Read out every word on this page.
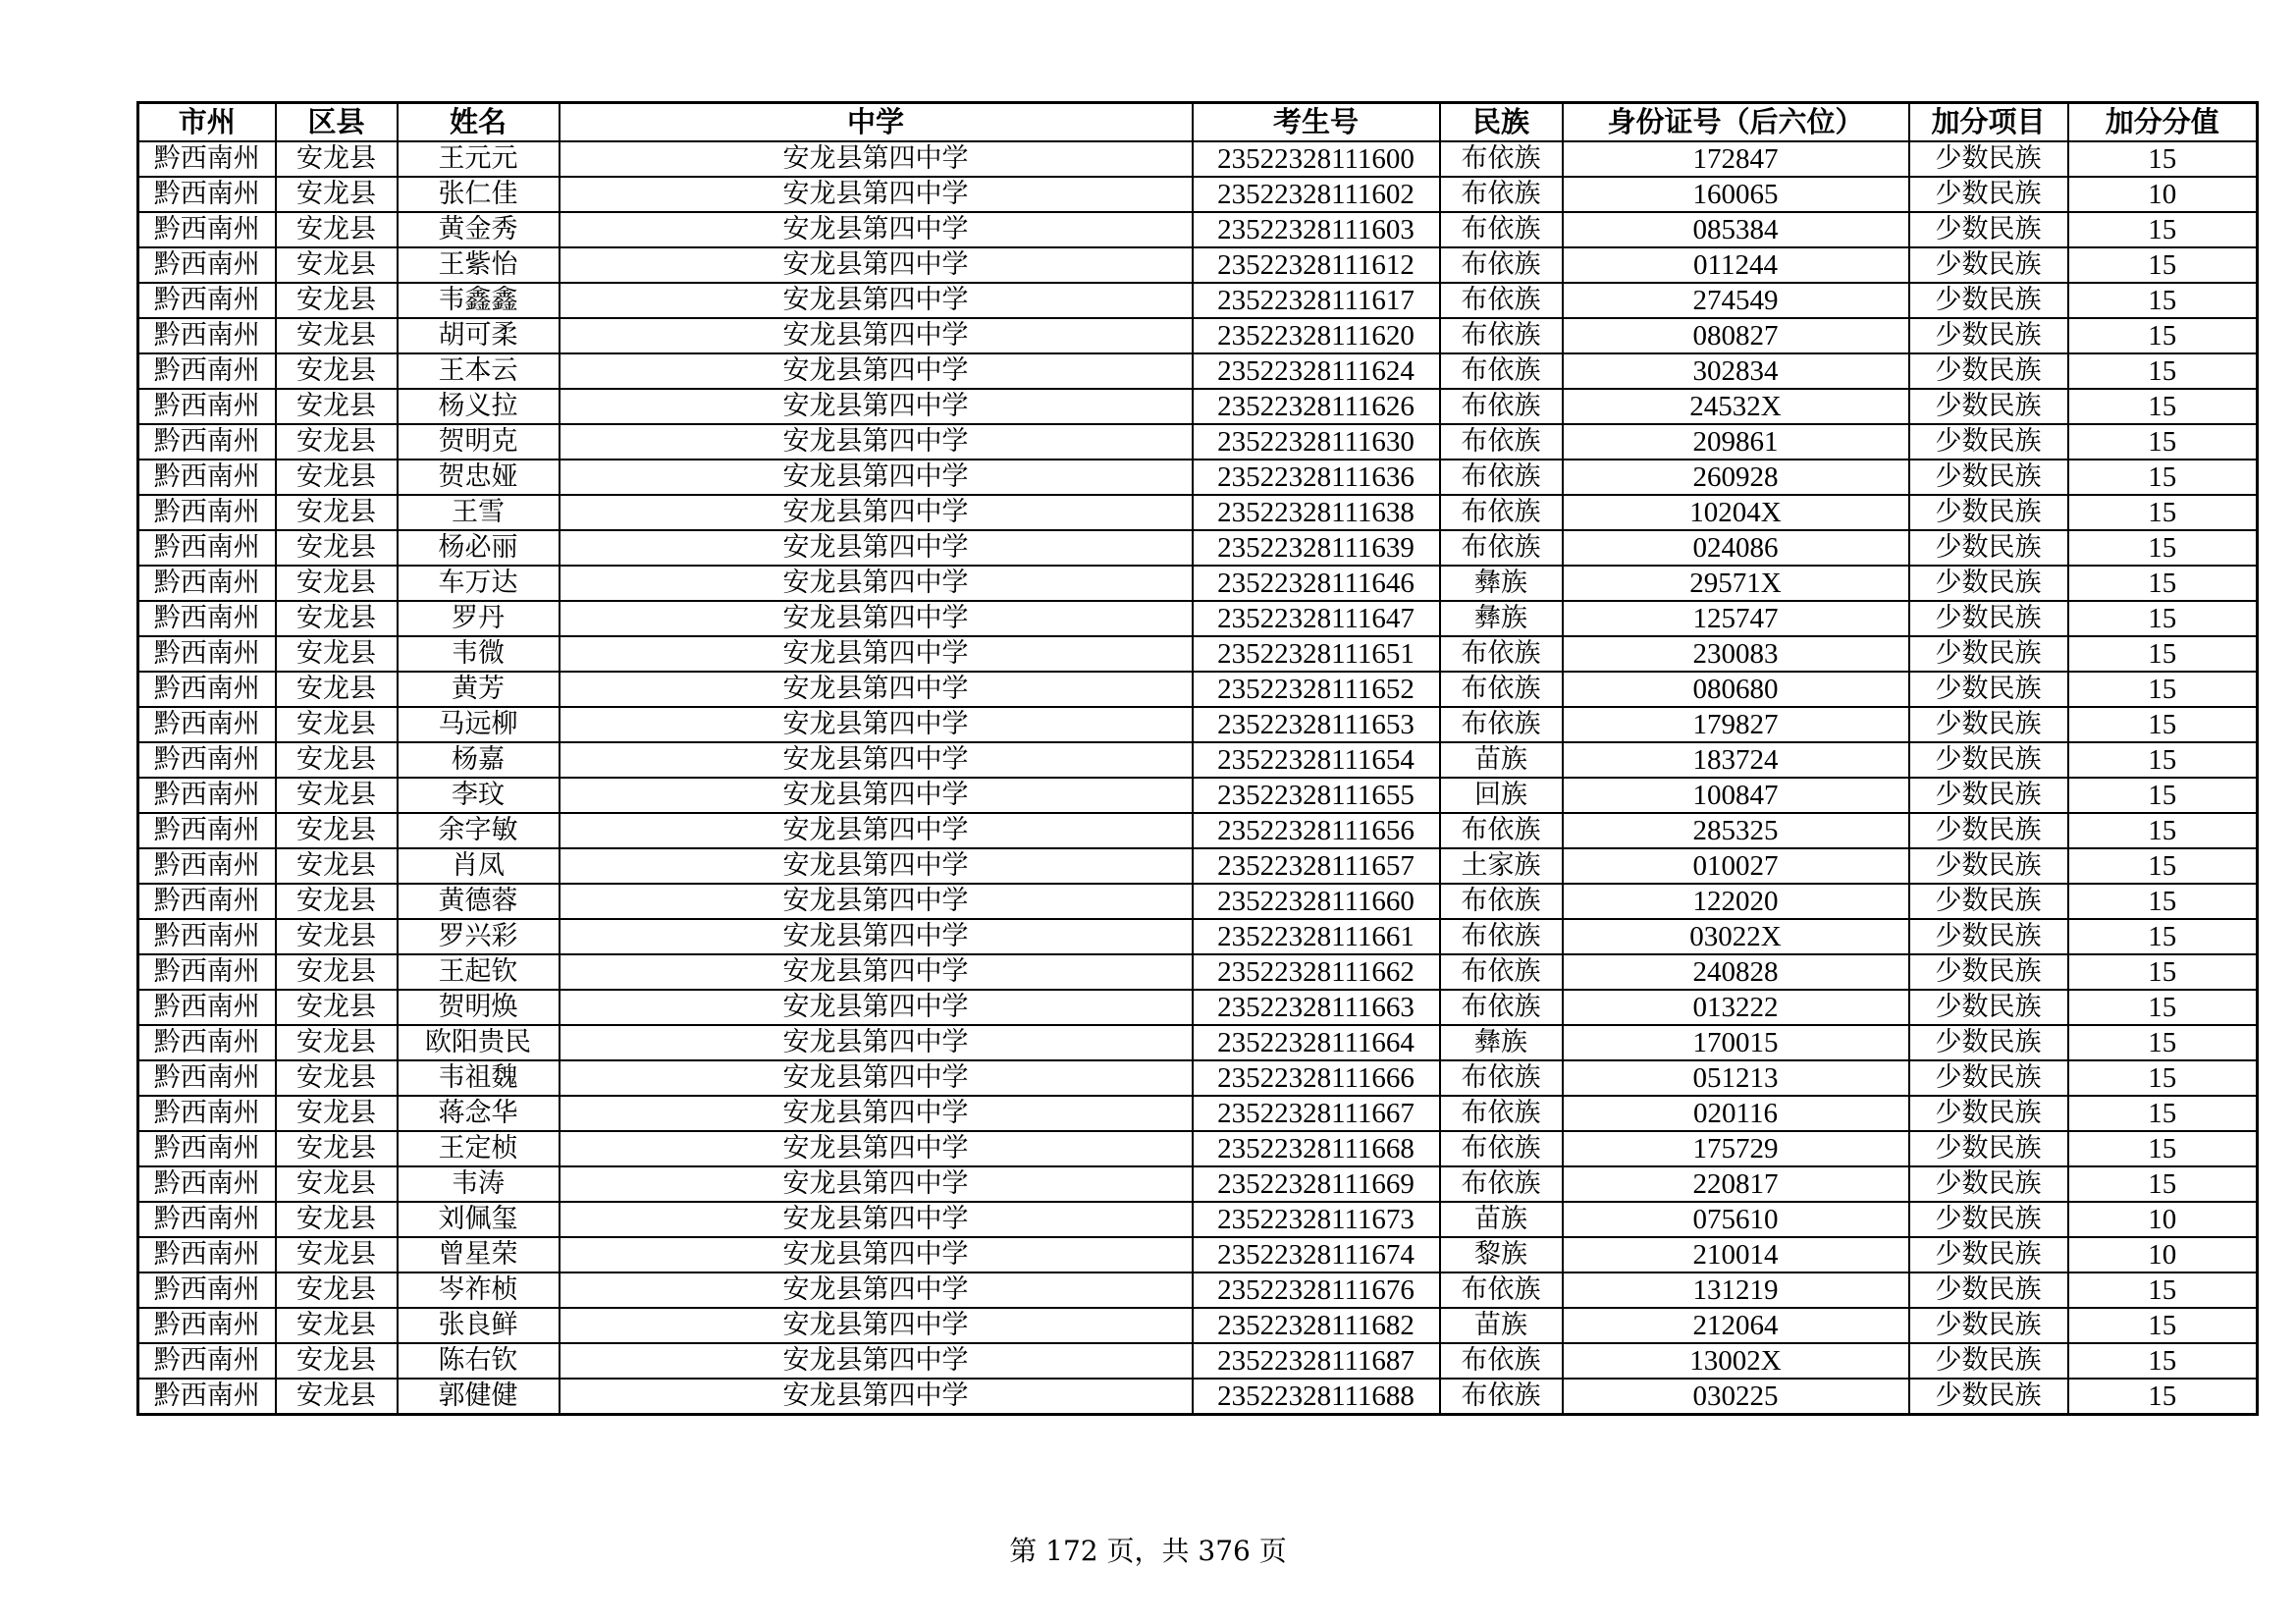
市州	区县	姓名	中学	考生号	民族	身份证号（后六位）	加分项目	加分分值
黔西南州	安龙县	王元元	安龙县第四中学	23522328111600	布依族	172847	少数民族	15
黔西南州	安龙县	张仁佳	安龙县第四中学	23522328111602	布依族	160065	少数民族	10
黔西南州	安龙县	黄金秀	安龙县第四中学	23522328111603	布依族	085384	少数民族	15
黔西南州	安龙县	王紫怡	安龙县第四中学	23522328111612	布依族	011244	少数民族	15
黔西南州	安龙县	韦鑫鑫	安龙县第四中学	23522328111617	布依族	274549	少数民族	15
黔西南州	安龙县	胡可柔	安龙县第四中学	23522328111620	布依族	080827	少数民族	15
黔西南州	安龙县	王本云	安龙县第四中学	23522328111624	布依族	302834	少数民族	15
黔西南州	安龙县	杨义拉	安龙县第四中学	23522328111626	布依族	24532X	少数民族	15
黔西南州	安龙县	贺明克	安龙县第四中学	23522328111630	布依族	209861	少数民族	15
黔西南州	安龙县	贺忠娅	安龙县第四中学	23522328111636	布依族	260928	少数民族	15
黔西南州	安龙县	王雪	安龙县第四中学	23522328111638	布依族	10204X	少数民族	15
黔西南州	安龙县	杨必丽	安龙县第四中学	23522328111639	布依族	024086	少数民族	15
黔西南州	安龙县	车万达	安龙县第四中学	23522328111646	彝族	29571X	少数民族	15
黔西南州	安龙县	罗丹	安龙县第四中学	23522328111647	彝族	125747	少数民族	15
黔西南州	安龙县	韦微	安龙县第四中学	23522328111651	布依族	230083	少数民族	15
黔西南州	安龙县	黄芳	安龙县第四中学	23522328111652	布依族	080680	少数民族	15
黔西南州	安龙县	马远柳	安龙县第四中学	23522328111653	布依族	179827	少数民族	15
黔西南州	安龙县	杨嘉	安龙县第四中学	23522328111654	苗族	183724	少数民族	15
黔西南州	安龙县	李玟	安龙县第四中学	23522328111655	回族	100847	少数民族	15
黔西南州	安龙县	余字敏	安龙县第四中学	23522328111656	布依族	285325	少数民族	15
黔西南州	安龙县	肖凤	安龙县第四中学	23522328111657	土家族	010027	少数民族	15
黔西南州	安龙县	黄德蓉	安龙县第四中学	23522328111660	布依族	122020	少数民族	15
黔西南州	安龙县	罗兴彩	安龙县第四中学	23522328111661	布依族	03022X	少数民族	15
黔西南州	安龙县	王起钦	安龙县第四中学	23522328111662	布依族	240828	少数民族	15
黔西南州	安龙县	贺明焕	安龙县第四中学	23522328111663	布依族	013222	少数民族	15
黔西南州	安龙县	欧阳贵民	安龙县第四中学	23522328111664	彝族	170015	少数民族	15
黔西南州	安龙县	韦祖魏	安龙县第四中学	23522328111666	布依族	051213	少数民族	15
黔西南州	安龙县	蒋念华	安龙县第四中学	23522328111667	布依族	020116	少数民族	15
黔西南州	安龙县	王定桢	安龙县第四中学	23522328111668	布依族	175729	少数民族	15
黔西南州	安龙县	韦涛	安龙县第四中学	23522328111669	布依族	220817	少数民族	15
黔西南州	安龙县	刘佩玺	安龙县第四中学	23522328111673	苗族	075610	少数民族	10
黔西南州	安龙县	曾星荣	安龙县第四中学	23522328111674	黎族	210014	少数民族	10
黔西南州	安龙县	岑祚桢	安龙县第四中学	23522328111676	布依族	131219	少数民族	15
黔西南州	安龙县	张良鲜	安龙县第四中学	23522328111682	苗族	212064	少数民族	15
黔西南州	安龙县	陈右钦	安龙县第四中学	23522328111687	布依族	13002X	少数民族	15
黔西南州	安龙县	郭健健	安龙县第四中学	23522328111688	布依族	030225	少数民族	15
第 172 页，共 376 页
